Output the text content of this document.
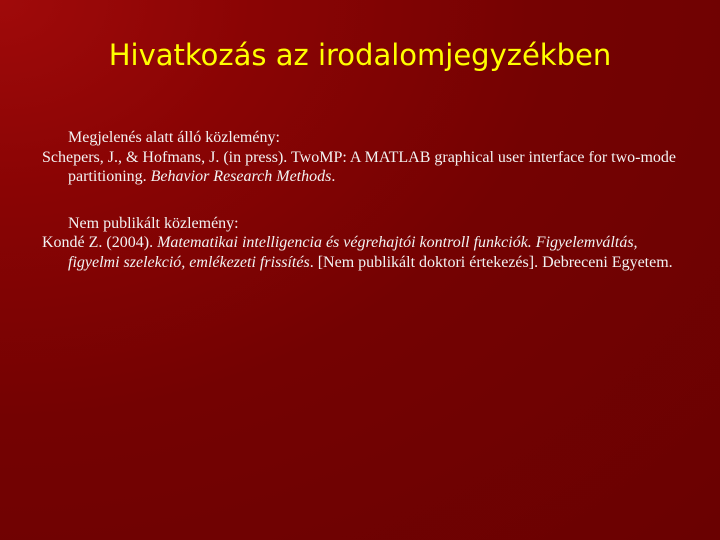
Hivatkozás az irodalomjegyzékben
Megjelenés alatt álló közlemény:

Schepers, J., & Hofmans, J. (in press). TwoMP: A MATLAB graphical user interface for two-mode partitioning. Behavior Research Methods.

Nem publikált közlemény:

Kondé Z. (2004). Matematikai intelligencia és végrehajtói kontroll funkciók. Figyelemváltás, figyelmi szelekció, emlékezeti frissítés. [Nem publikált doktori értekezés]. Debreceni Egyetem.
